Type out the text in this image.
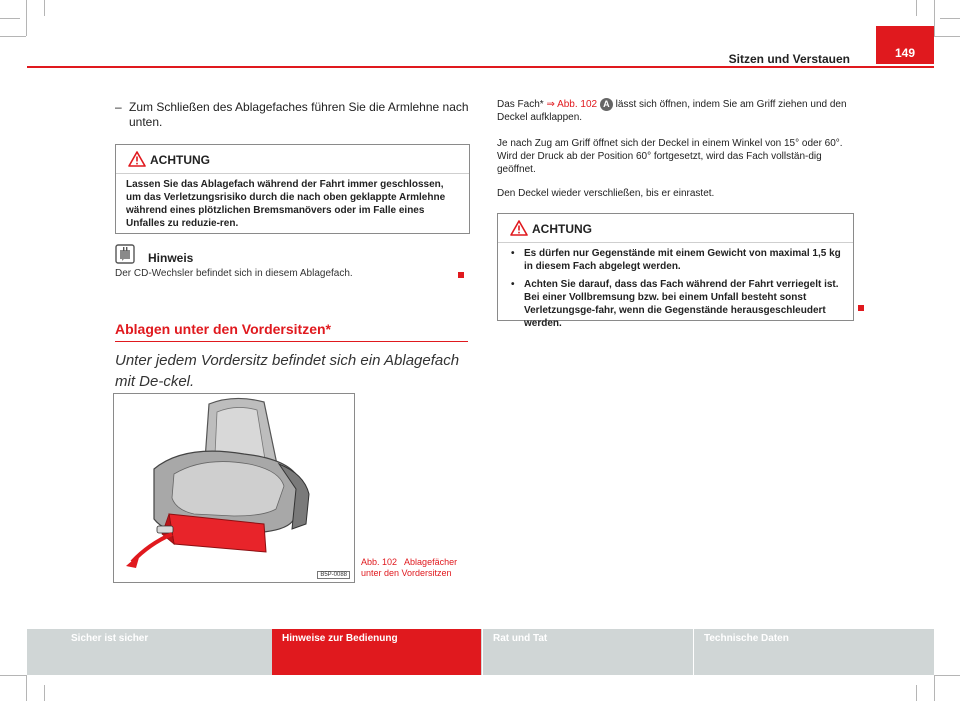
Sitzen und Verstauen	149
– Zum Schließen des Ablagefaches führen Sie die Armlehne nach unten.
ACHTUNG
Lassen Sie das Ablagefach während der Fahrt immer geschlossen, um das Verletzungsrisiko durch die nach oben geklappte Armlehne während eines plötzlichen Bremsmanövers oder im Falle eines Unfalles zu reduzie-ren.
Hinweis
Der CD-Wechsler befindet sich in diesem Ablagefach.
Ablagen unter den Vordersitzen*
Unter jedem Vordersitz befindet sich ein Ablagefach mit De-ckel.
B5P-0088
Abb. 102 Ablagefächer unter den Vordersitzen
Das Fach* ⇒ Abb. 102 A lässt sich öffnen, indem Sie am Griff ziehen und den Deckel aufklappen.
Je nach Zug am Griff öffnet sich der Deckel in einem Winkel von 15° oder 60°. Wird der Druck ab der Position 60° fortgesetzt, wird das Fach vollstän-dig geöffnet.
Den Deckel wieder verschließen, bis er einrastet.
ACHTUNG
• Es dürfen nur Gegenstände mit einem Gewicht von maximal 1,5 kg in diesem Fach abgelegt werden.
• Achten Sie darauf, dass das Fach während der Fahrt verriegelt ist. Bei einer Vollbremsung bzw. bei einem Unfall besteht sonst Verletzungsge-fahr, wenn die Gegenstände herausgeschleudert werden.
Sicher ist sicher	Hinweise zur Bedienung	Rat und Tat	Technische Daten
